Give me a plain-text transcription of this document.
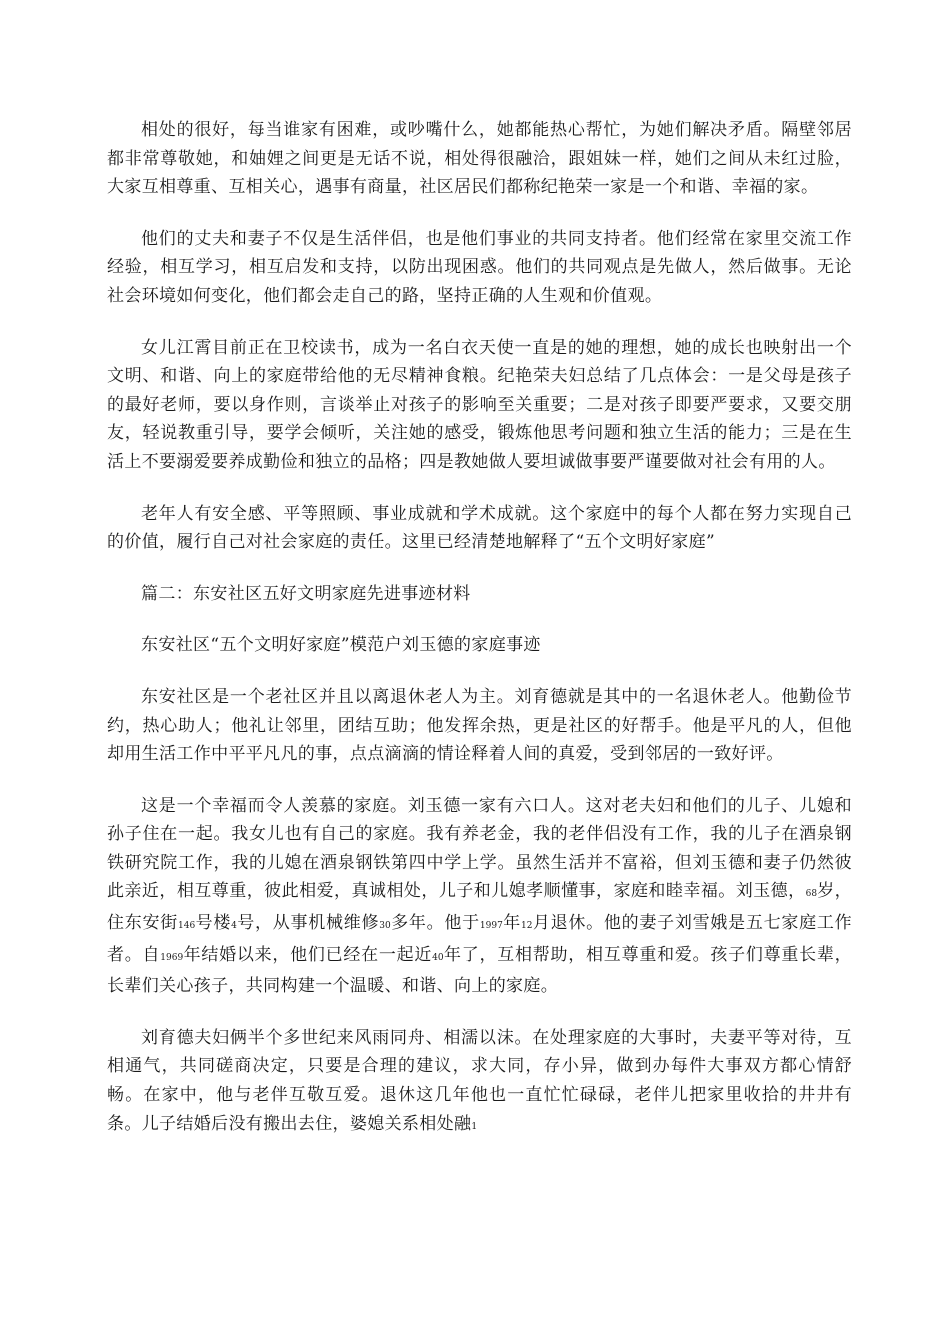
相处的很好，每当谁家有困难，或吵嘴什么，她都能热心帮忙，为她们解决矛盾。隔壁邻居都非常尊敬她，和妯娌之间更是无话不说，相处得很融洽，跟姐妹一样，她们之间从未红过脸，大家互相尊重、互相关心，遇事有商量，社区居民们都称纪艳荣一家是一个和谐、幸福的家。

他们的丈夫和妻子不仅是生活伴侣，也是他们事业的共同支持者。他们经常在家里交流工作经验，相互学习，相互启发和支持，以防出现困惑。他们的共同观点是先做人，然后做事。无论社会环境如何变化，他们都会走自己的路，坚持正确的人生观和价值观。

女儿江霄目前正在卫校读书，成为一名白衣天使一直是的她的理想，她的成长也映射出一个文明、和谐、向上的家庭带给他的无尽精神食粮。纪艳荣夫妇总结了几点体会：一是父母是孩子的最好老师，要以身作则，言谈举止对孩子的影响至关重要；二是对孩子即要严要求，又要交朋友，轻说教重引导，要学会倾听，关注她的感受，锻炼他思考问题和独立生活的能力；三是在生活上不要溺爱要养成勤俭和独立的品格；四是教她做人要坦诚做事要严谨要做对社会有用的人。

老年人有安全感、平等照顾、事业成就和学术成就。这个家庭中的每个人都在努力实现自己的价值，履行自己对社会家庭的责任。这里已经清楚地解释了“五个文明好家庭”

篇二：东安社区五好文明家庭先进事迹材料

东安社区“五个文明好家庭”模范户刘玉德的家庭事迹

东安社区是一个老社区并且以离退休老人为主。刘育德就是其中的一名退休老人。他勤俭节约，热心助人；他礼让邻里，团结互助；他发挥余热，更是社区的好帮手。他是平凡的人，但他却用生活工作中平平凡凡的事，点点滴滴的情诠释着人间的真爱，受到邻居的一致好评。

这是一个幸福而令人羡慕的家庭。刘玉德一家有六口人。这对老夫妇和他们的儿子、儿媳和孙子住在一起。我女儿也有自己的家庭。我有养老金，我的老伴侣没有工作，我的儿子在酒泉钢铁研究院工作，我的儿媳在酒泉钢铁第四中学上学。虽然生活并不富裕，但刘玉德和妻子仍然彼此亲近，相互尊重，彼此相爱，真诚相处，儿子和儿媳孝顺懂事，家庭和睦幸福。刘玉德，68岁，住东安街146号楼4号，从事机械维修30多年。他于1997年12月退休。他的妻子刘雪娥是五七家庭工作者。自1969年结婚以来，他们已经在一起近40年了，互相帮助，相互尊重和爱。孩子们尊重长辈，长辈们关心孩子，共同构建一个温暖、和谐、向上的家庭。

刘育德夫妇俩半个多世纪来风雨同舟、相濡以沫。在处理家庭的大事时，夫妻平等对待，互相通气，共同磋商决定，只要是合理的建议，求大同，存小异，做到办每件大事双方都心情舒畅。在家中，他与老伴互敬互爱。退休这几年他也一直忙忙碌碌，老伴儿把家里收拾的井井有条。儿子结婚后没有搬出去住，婆媳关系相处融1
